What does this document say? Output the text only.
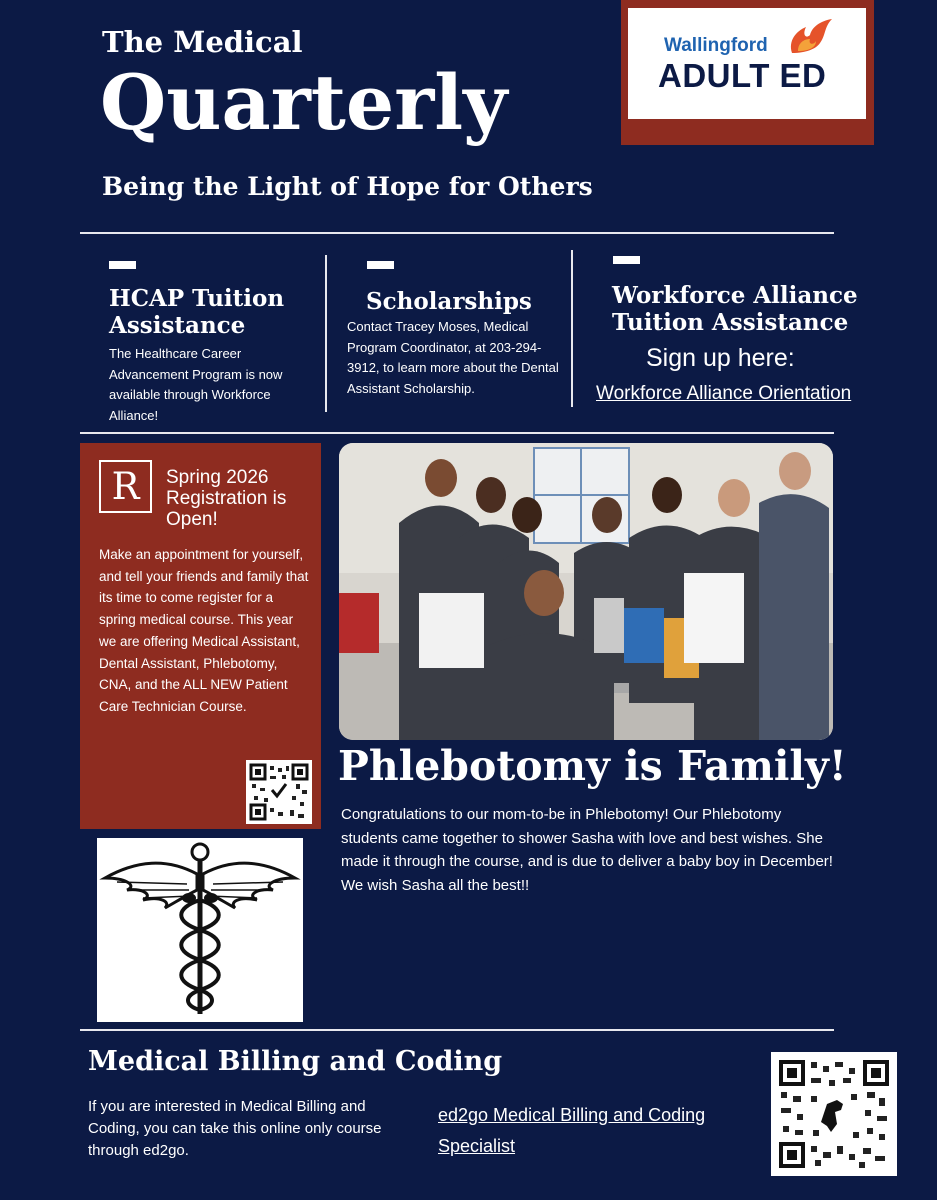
The Medical
Quarterly
Being the Light of Hope for Others
Wallingford
ADULT ED
HCAP Tuition Assistance
The Healthcare Career Advancement Program is now available through Workforce Alliance!
Scholarships
Contact Tracey Moses, Medical Program Coordinator, at 203-294-3912, to learn more about the Dental Assistant Scholarship.
Workforce Alliance Tuition Assistance
Sign up here:
Workforce Alliance Orientation
R	Spring 2026 Registration is Open!
Make an appointment for yourself, and tell your friends and family that its time to come register for a spring medical course. This year we are offering Medical Assistant, Dental Assistant, Phlebotomy, CNA, and the ALL NEW Patient Care Technician Course.
Phlebotomy is Family!
Congratulations to our mom-to-be in Phlebotomy! Our Phlebotomy students came together to shower Sasha with love and best wishes. She made it through the course, and is due to deliver a baby boy in December! We wish Sasha all the best!!
Medical Billing and Coding
If you are interested in Medical Billing and Coding, you can take this online only course through ed2go.
ed2go Medical Billing and Coding Specialist
